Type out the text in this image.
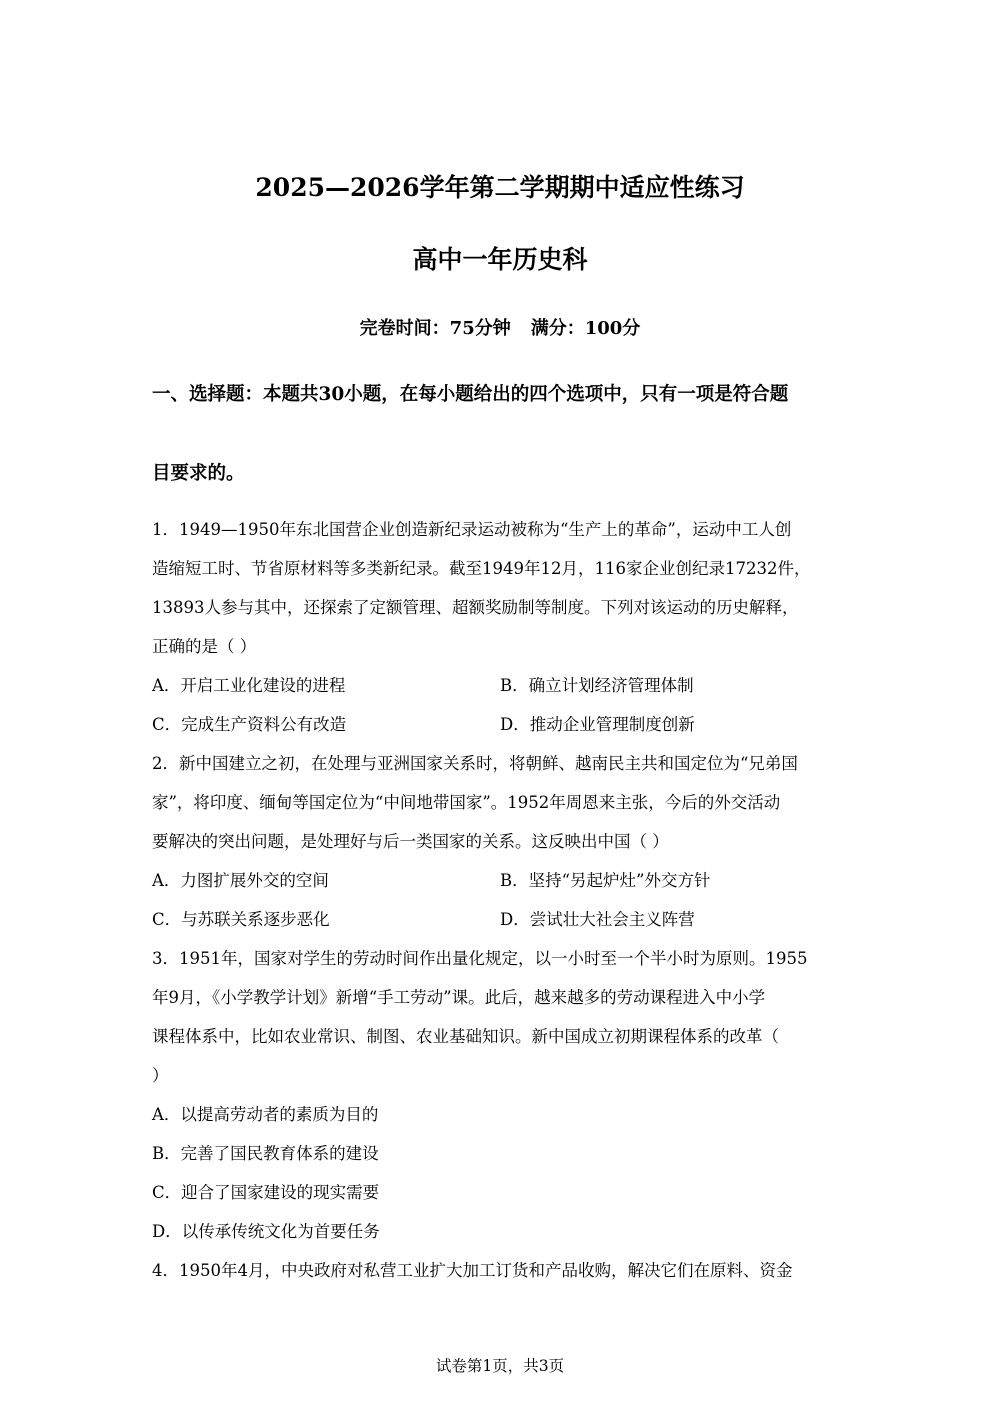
2025—2026学年第二学期期中适应性练习
高中一年历史科
完卷时间：75分钟 满分：100分
一、选择题：本题共30小题，在每小题给出的四个选项中，只有一项是符合题
目要求的。
1．1949—1950年东北国营企业创造新纪录运动被称为“生产上的革命”，运动中工人创
造缩短工时、节省原材料等多类新纪录。截至1949年12月，116家企业创纪录17232件，
13893人参与其中，还探索了定额管理、超额奖励制等制度。下列对该运动的历史解释，
正确的是（ ）
A．开启工业化建设的进程	B．确立计划经济管理体制
C．完成生产资料公有改造	D．推动企业管理制度创新
2．新中国建立之初，在处理与亚洲国家关系时，将朝鲜、越南民主共和国定位为“兄弟国
家”，将印度、缅甸等国定位为“中间地带国家”。1952年周恩来主张，今后的外交活动
要解决的突出问题，是处理好与后一类国家的关系。这反映出中国（ ）
A．力图扩展外交的空间	B．坚持“另起炉灶”外交方针
C．与苏联关系逐步恶化	D．尝试壮大社会主义阵营
3．1951年，国家对学生的劳动时间作出量化规定，以一小时至一个半小时为原则。1955
年9月，《小学教学计划》新增“手工劳动”课。此后，越来越多的劳动课程进入中小学
课程体系中，比如农业常识、制图、农业基础知识。新中国成立初期课程体系的改革（
）
A．以提高劳动者的素质为目的
B．完善了国民教育体系的建设
C．迎合了国家建设的现实需要
D．以传承传统文化为首要任务
4．1950年4月，中央政府对私营工业扩大加工订货和产品收购，解决它们在原料、资金
试卷第1页，共3页
